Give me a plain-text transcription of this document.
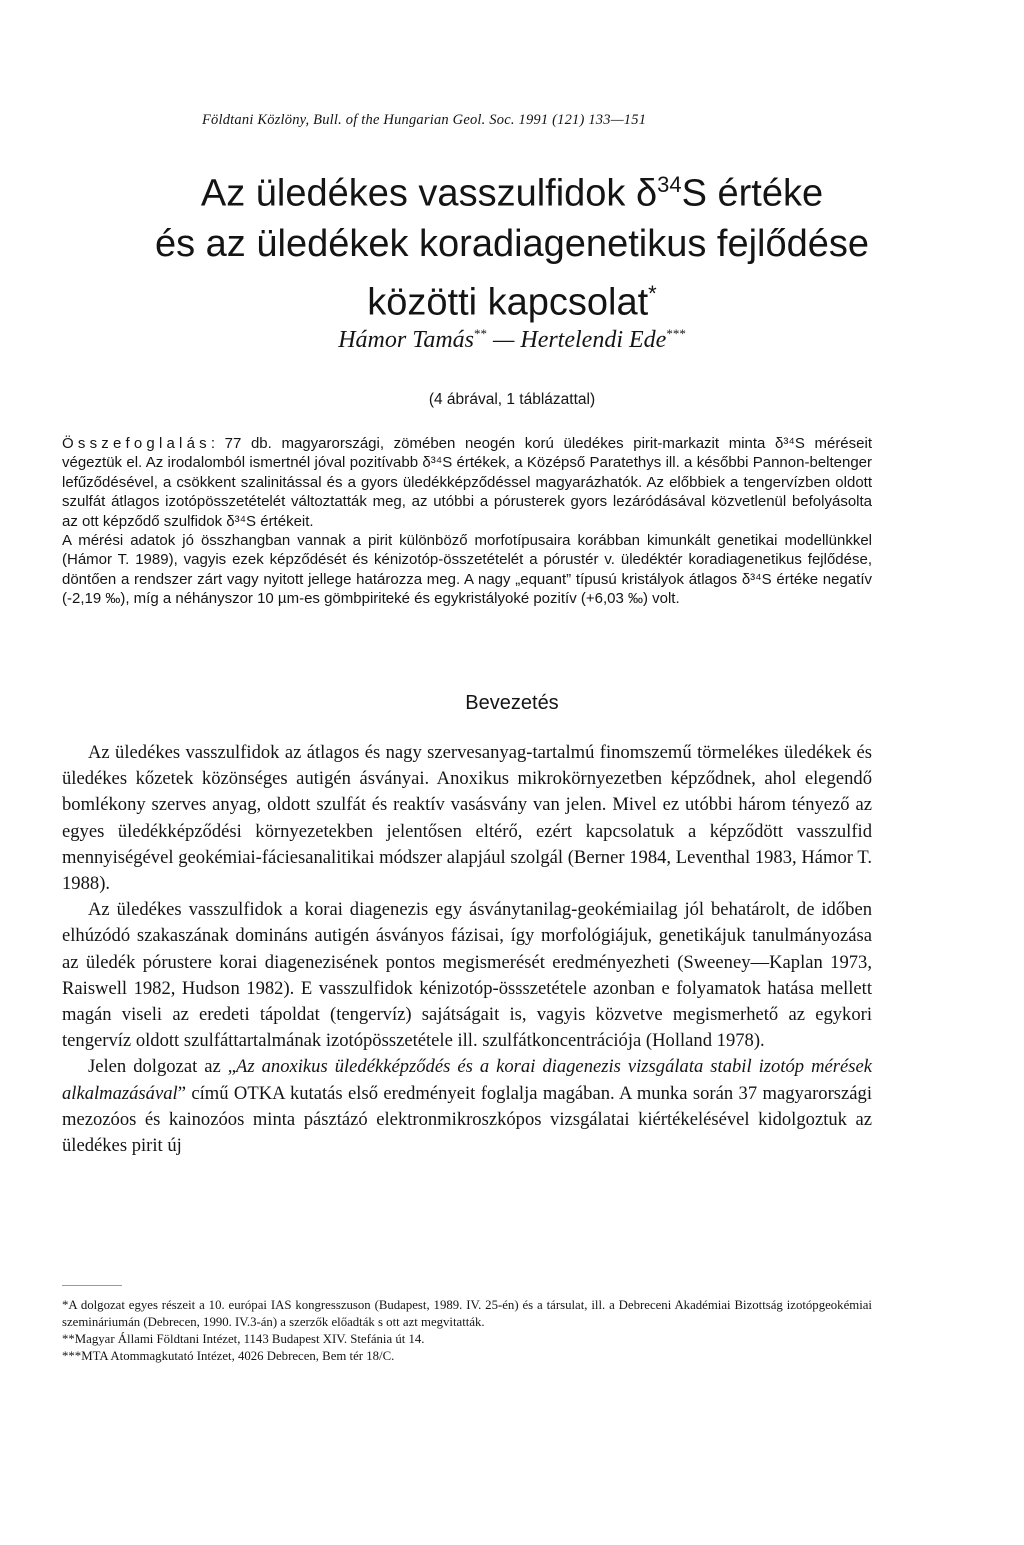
Földtani Közlöny, Bull. of the Hungarian Geol. Soc. 1991 (121) 133—151
Az üledékes vasszulfidok $\delta^{34}S$ értéke
és az üledékek koradiagenetikus fejlődése
közötti kapcsolat*
Hámor Tamás** — Hertelendi Ede***
(4 ábrával, 1 táblázattal)

Összefoglalás: 77 db. magyarországi, zömében neogén korú üledékes pirit-markazit minta δ³⁴S méréseit végeztük el. Az irodalomból ismertnél jóval pozitívabb δ³⁴S értékek, a Középső Paratethys ill. a későbbi Pannon-beltenger lefűződésével, a csökkent szalinitással és a gyors üledékképződéssel magyarázhatók. Az előbbiek a tengervízben oldott szulfát átlagos izotópösszetételét változtatták meg, az utóbbi a pórusterek gyors lezáródásával közvetlenül befolyásolta az ott képződő szulfidok δ³⁴S értékeit.

A mérési adatok jó összhangban vannak a pirit különböző morfotípusaira korábban kimunkált genetikai modellünkkel (Hámor T. 1989), vagyis ezek képződését és kénizotóp-összetételét a pórustér v. üledéktér koradiagenetikus fejlődése, döntően a rendszer zárt vagy nyitott jellege határozza meg. A nagy „equant” típusú kristályok átlagos δ³⁴S értéke negatív (-2,19 ‰), míg a néhányszor 10 µm-es gömbpiriteké és egykristályoké pozitív (+6,03 ‰) volt.

Bevezetés

Az üledékes vasszulfidok az átlagos és nagy szervesanyag-tartalmú finomszemű törmelékes üledékek és üledékes kőzetek közönséges autigén ásványai. Anoxikus mikrokörnyezetben képződnek, ahol elegendő bomlékony szerves anyag, oldott szulfát és reaktív vasásvány van jelen. Mivel ez utóbbi három tényező az egyes üledékképződési környezetekben jelentősen eltérő, ezért kapcsolatuk a képződött vasszulfid mennyiségével geokémiai-fáciesanalitikai módszer alapjául szolgál (Berner 1984, Leventhal 1983, Hámor T. 1988).

Az üledékes vasszulfidok a korai diagenezis egy ásványtanilag-geokémiailag jól behatárolt, de időben elhúzódó szakaszának domináns autigén ásványos fázisai, így morfológiájuk, genetikájuk tanulmányozása az üledék pórustere korai diagenezisének pontos megismerését eredményezheti (Sweeney—Kaplan 1973, Raiswell 1982, Hudson 1982). E vasszulfidok kénizotóp-össszetétele azonban e folyamatok hatása mellett magán viseli az eredeti tápoldat (tengervíz) sajátságait is, vagyis közvetve megismerhető az egykori tengervíz oldott szulfáttartalmának izotópösszetétele ill. szulfátkoncentrációja (Holland 1978).

Jelen dolgozat az „Az anoxikus üledékképződés és a korai diagenezis vizsgálata stabil izotóp mérések alkalmazásával” című OTKA kutatás első eredményeit foglalja magában. A munka során 37 magyarországi mezozóos és kainozóos minta pásztázó elektronmikroszkópos vizsgálatai kiértékelésével kidolgoztuk az üledékes pirit új

*A dolgozat egyes részeit a 10. európai IAS kongresszuson (Budapest, 1989. IV. 25-én) és a társulat, ill. a Debreceni Akadémiai Bizottság izotópgeokémiai szemináriumán (Debrecen, 1990. IV.3-án) a szerzők előadták s ott azt megvitatták.

**Magyar Állami Földtani Intézet, 1143 Budapest XIV. Stefánia út 14.

***MTA Atommagkutató Intézet, 4026 Debrecen, Bem tér 18/C.
